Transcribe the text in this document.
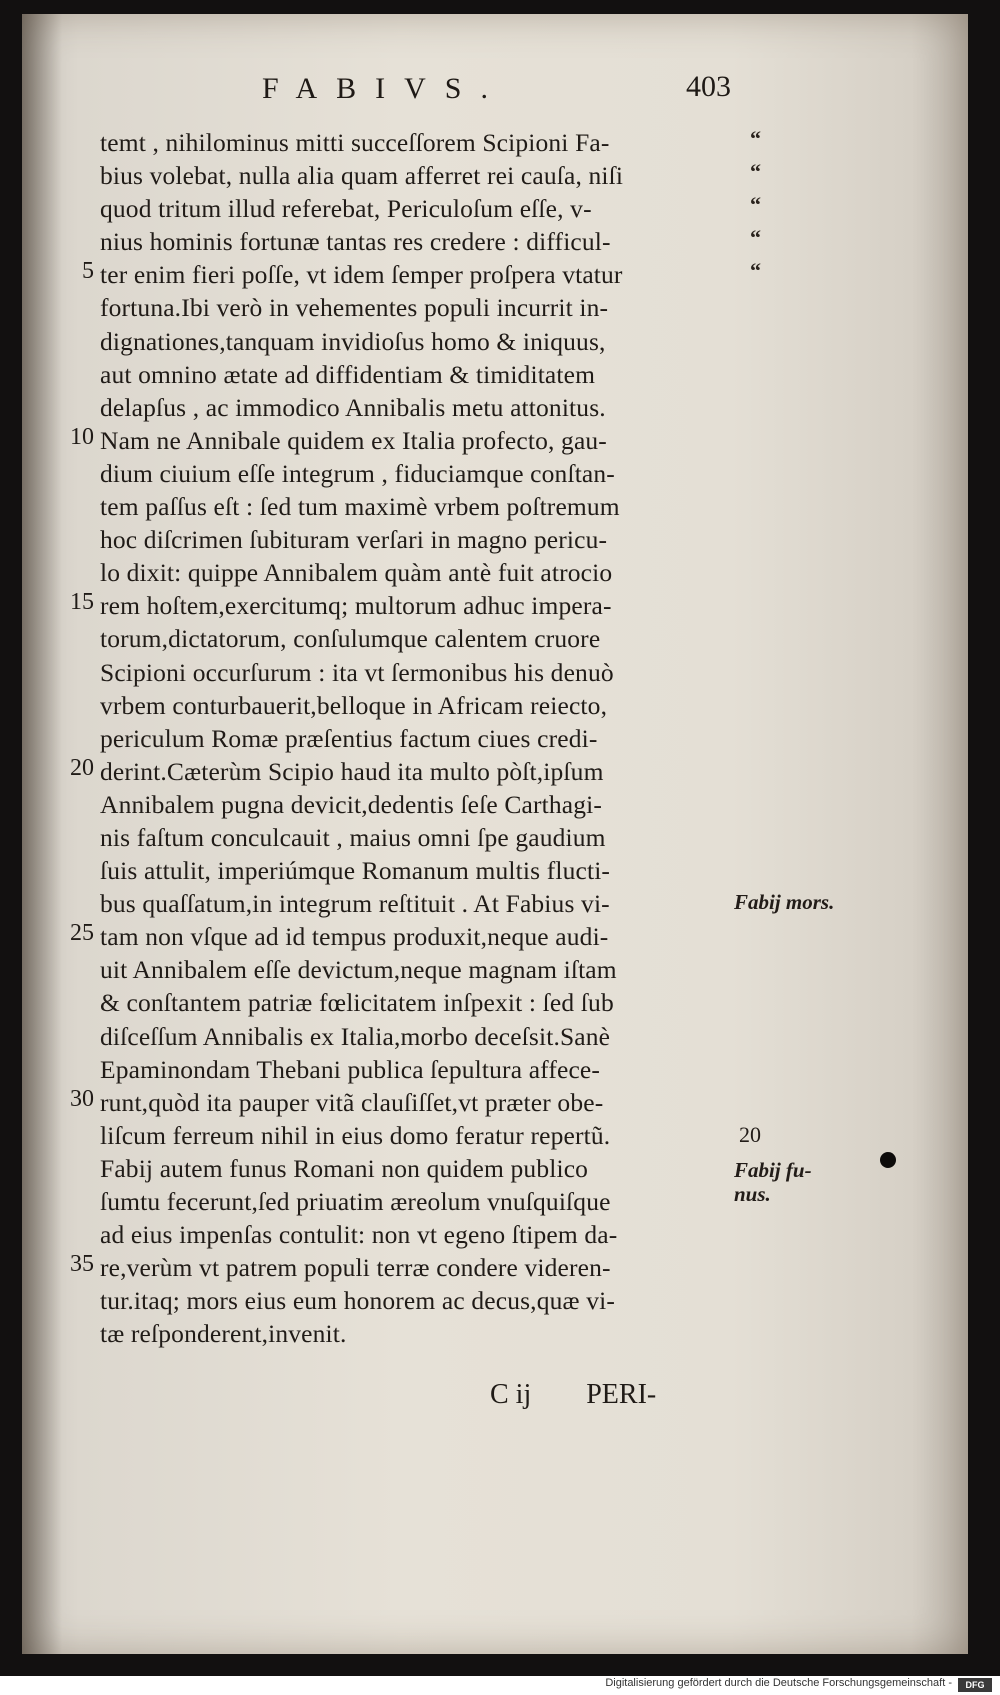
FABIVS.	403
temt , nihilominus mitti succeſſorem Scipioni Fa-
bius volebat, nulla alia quam afferret rei cauſa, niſi
quod tritum illud referebat, Periculoſum eſſe, v-
nius hominis fortunæ tantas res credere : difficul-
ter enim fieri poſſe, vt idem ſemper proſpera vtatur
fortuna.Ibi verò in vehementes populi incurrit in-
dignationes,tanquam invidioſus homo & iniquus,
aut omnino ætate ad diffidentiam & timiditatem
delapſus , ac immodico Annibalis metu attonitus.
Nam ne Annibale quidem ex Italia profecto, gau-
dium ciuium eſſe integrum , fiduciamque conſtan-
tem paſſus eſt : ſed tum maximè vrbem poſtremum
hoc diſcrimen ſubituram verſari in magno pericu-
lo dixit: quippe Annibalem quàm antè fuit atrocio
rem hoſtem,exercitumq; multorum adhuc impera-
torum,dictatorum, conſulumque calentem cruore
Scipioni occurſurum : ita vt ſermonibus his denuò
vrbem conturbauerit,belloque in Africam reiecto,
periculum Romæ præſentius factum ciues credi-
derint.Cæterùm Scipio haud ita multo pòſt,ipſum
Annibalem pugna devicit,dedentis ſeſe Carthagi-
nis faſtum conculcauit , maius omni ſpe gaudium
ſuis attulit, imperiúmque Romanum multis flucti-
bus quaſſatum,in integrum reſtituit . At Fabius vi-
tam non vſque ad id tempus produxit,neque audi-
uit Annibalem eſſe devictum,neque magnam iſtam
& conſtantem patriæ fœlicitatem inſpexit : ſed ſub
diſceſſum Annibalis ex Italia,morbo deceſsit.Sanè
Epaminondam Thebani publica ſepultura affece-
runt,quòd ita pauper vitã clauſiſſet,vt præter obe-
liſcum ferreum nihil in eius domo feratur repertũ.
Fabij autem funus Romani non quidem publico
ſumtu fecerunt,ſed priuatim æreolum vnuſquiſque
ad eius impenſas contulit: non vt egeno ſtipem da-
re,verùm vt patrem populi terræ condere videren-
tur.itaq; mors eius eum honorem ac decus,quæ vi-
tæ reſponderent,invenit.
5
10
15
20
25
30
35
“
“
“
“
“
Fabij mors.
20
Fabij fu-
nus.
C ij PERI-
Digitalisierung gefördert durch die Deutsche Forschungsgemeinschaft -	DFG
